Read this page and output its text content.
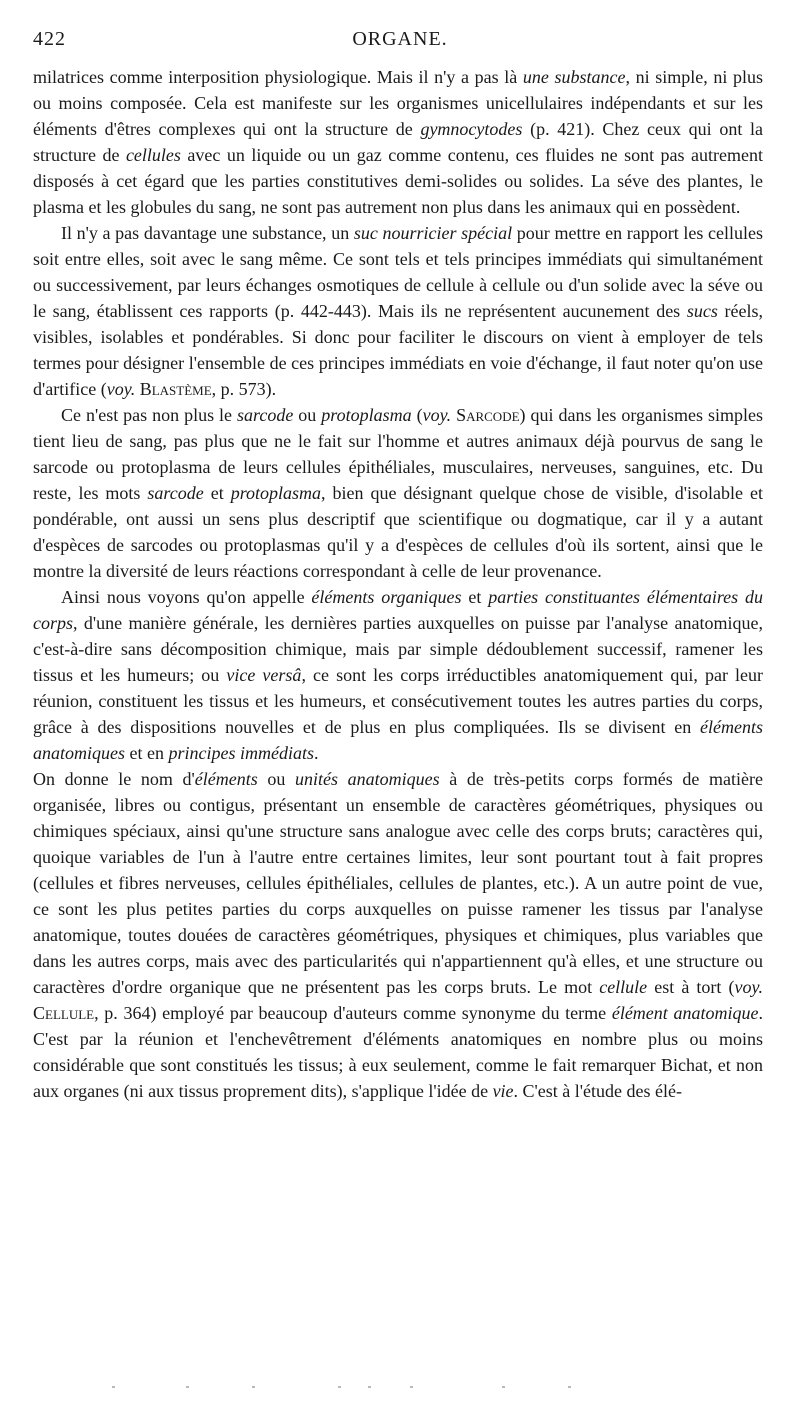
422	ORGANE.

milatrices comme interposition physiologique. Mais il n'y a pas là une substance, ni simple, ni plus ou moins composée. Cela est manifeste sur les organismes unicellulaires indépendants et sur les éléments d'êtres complexes qui ont la structure de gymnocytodes (p. 421). Chez ceux qui ont la structure de cellules avec un liquide ou un gaz comme contenu, ces fluides ne sont pas autrement disposés à cet égard que les parties constitutives demi-solides ou solides. La séve des plantes, le plasma et les globules du sang, ne sont pas autrement non plus dans les animaux qui en possèdent.

Il n'y a pas davantage une substance, un suc nourricier spécial pour mettre en rapport les cellules soit entre elles, soit avec le sang même. Ce sont tels et tels principes immédiats qui simultanément ou successivement, par leurs échanges osmotiques de cellule à cellule ou d'un solide avec la séve ou le sang, établissent ces rapports (p. 442-443). Mais ils ne représentent aucunement des sucs réels, visibles, isolables et pondérables. Si donc pour faciliter le discours on vient à employer de tels termes pour désigner l'ensemble de ces principes immédiats en voie d'échange, il faut noter qu'on use d'artifice (voy. Blastème, p. 573).

Ce n'est pas non plus le sarcode ou protoplasma (voy. Sarcode) qui dans les organismes simples tient lieu de sang, pas plus que ne le fait sur l'homme et autres animaux déjà pourvus de sang le sarcode ou protoplasma de leurs cellules épithéliales, musculaires, nerveuses, sanguines, etc. Du reste, les mots sarcode et protoplasma, bien que désignant quelque chose de visible, d'isolable et pondérable, ont aussi un sens plus descriptif que scientifique ou dogmatique, car il y a autant d'espèces de sarcodes ou protoplasmas qu'il y a d'espèces de cellules d'où ils sortent, ainsi que le montre la diversité de leurs réactions correspondant à celle de leur provenance.

Ainsi nous voyons qu'on appelle éléments organiques et parties constituantes élémentaires du corps, d'une manière générale, les dernières parties auxquelles on puisse par l'analyse anatomique, c'est-à-dire sans décomposition chimique, mais par simple dédoublement successif, ramener les tissus et les humeurs; ou vice versâ, ce sont les corps irréductibles anatomiquement qui, par leur réunion, constituent les tissus et les humeurs, et consécutivement toutes les autres parties du corps, grâce à des dispositions nouvelles et de plus en plus compliquées. Ils se divisent en éléments anatomiques et en principes immédiats.

On donne le nom d'éléments ou unités anatomiques à de très-petits corps formés de matière organisée, libres ou contigus, présentant un ensemble de caractères géométriques, physiques ou chimiques spéciaux, ainsi qu'une structure sans analogue avec celle des corps bruts; caractères qui, quoique variables de l'un à l'autre entre certaines limites, leur sont pourtant tout à fait propres (cellules et fibres nerveuses, cellules épithéliales, cellules de plantes, etc.). A un autre point de vue, ce sont les plus petites parties du corps auxquelles on puisse ramener les tissus par l'analyse anatomique, toutes douées de caractères géométriques, physiques et chimiques, plus variables que dans les autres corps, mais avec des particularités qui n'appartiennent qu'à elles, et une structure ou caractères d'ordre organique que ne présentent pas les corps bruts. Le mot cellule est à tort (voy. Cellule, p. 364) employé par beaucoup d'auteurs comme synonyme du terme élément anatomique. C'est par la réunion et l'enchevêtrement d'éléments anatomiques en nombre plus ou moins considérable que sont constitués les tissus; à eux seulement, comme le fait remarquer Bichat, et non aux organes (ni aux tissus proprement dits), s'applique l'idée de vie. C'est à l'étude des élé-
